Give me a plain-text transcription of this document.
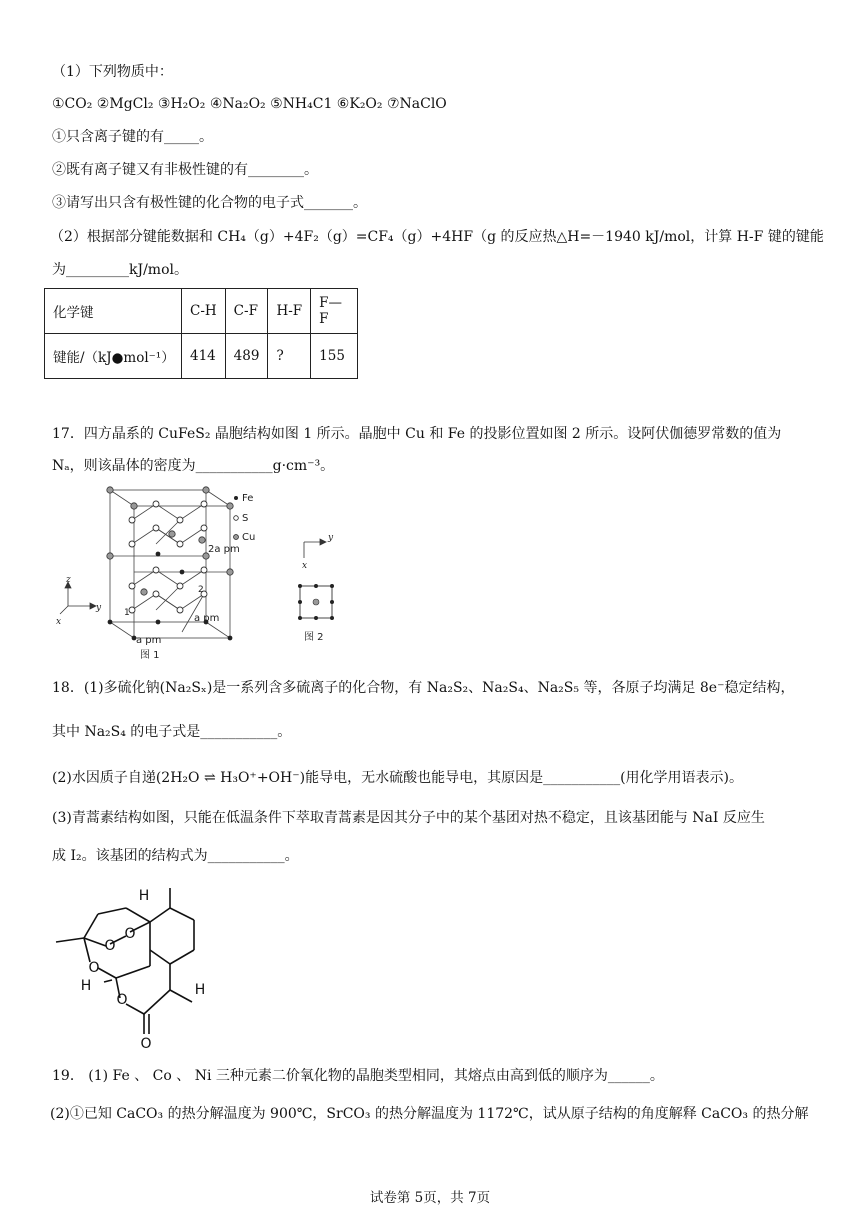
（1）下列物质中：
①CO₂ ②MgCl₂ ③H₂O₂ ④Na₂O₂ ⑤NH₄C1 ⑥K₂O₂ ⑦NaClO
①只含离子键的有_____。
②既有离子键又有非极性键的有________。
③请写出只含有极性键的化合物的电子式_______。
（2）根据部分键能数据和 CH₄（g）+4F₂（g）=CF₄（g）+4HF（g 的反应热△H=－1940 kJ/mol，计算 H-F 键的键能
为_________kJ/mol。
化学键	C-H	C-F	H-F	F—F
键能/（kJ●mol⁻¹）	414	489	?	155
17．四方晶系的 CuFeS₂ 晶胞结构如图 1 所示。晶胞中 Cu 和 Fe 的投影位置如图 2 所示。设阿伏伽德罗常数的值为
Nₐ，则该晶体的密度为___________g·cm⁻³。
Fe
S
Cu
2a pm
a pm
a pm
图 1
1
2
z
y
x
y
x
图 2
18．(1)多硫化钠(Na₂Sₓ)是一系列含多硫离子的化合物，有 Na₂S₂、Na₂S₄、Na₂S₅ 等，各原子均满足 8e⁻稳定结构，
其中 Na₂S₄ 的电子式是___________。
(2)水因质子自递(2H₂O ⇌ H₃O⁺+OH⁻)能导电，无水硫酸也能导电，其原因是___________(用化学用语表示)。
(3)青蒿素结构如图，只能在低温条件下萃取青蒿素是因其分子中的某个基团对热不稳定，且该基团能与 NaI 反应生
成 I₂。该基团的结构式为___________。
H
O
O
O
H
O
H
O
19． (1) Fe 、 Co 、 Ni 三种元素二价氧化物的晶胞类型相同，其熔点由高到低的顺序为______。
(2)①已知 CaCO₃ 的热分解温度为 900℃，SrCO₃ 的热分解温度为 1172℃，试从原子结构的角度解释 CaCO₃ 的热分解
试卷第 5页，共 7页
